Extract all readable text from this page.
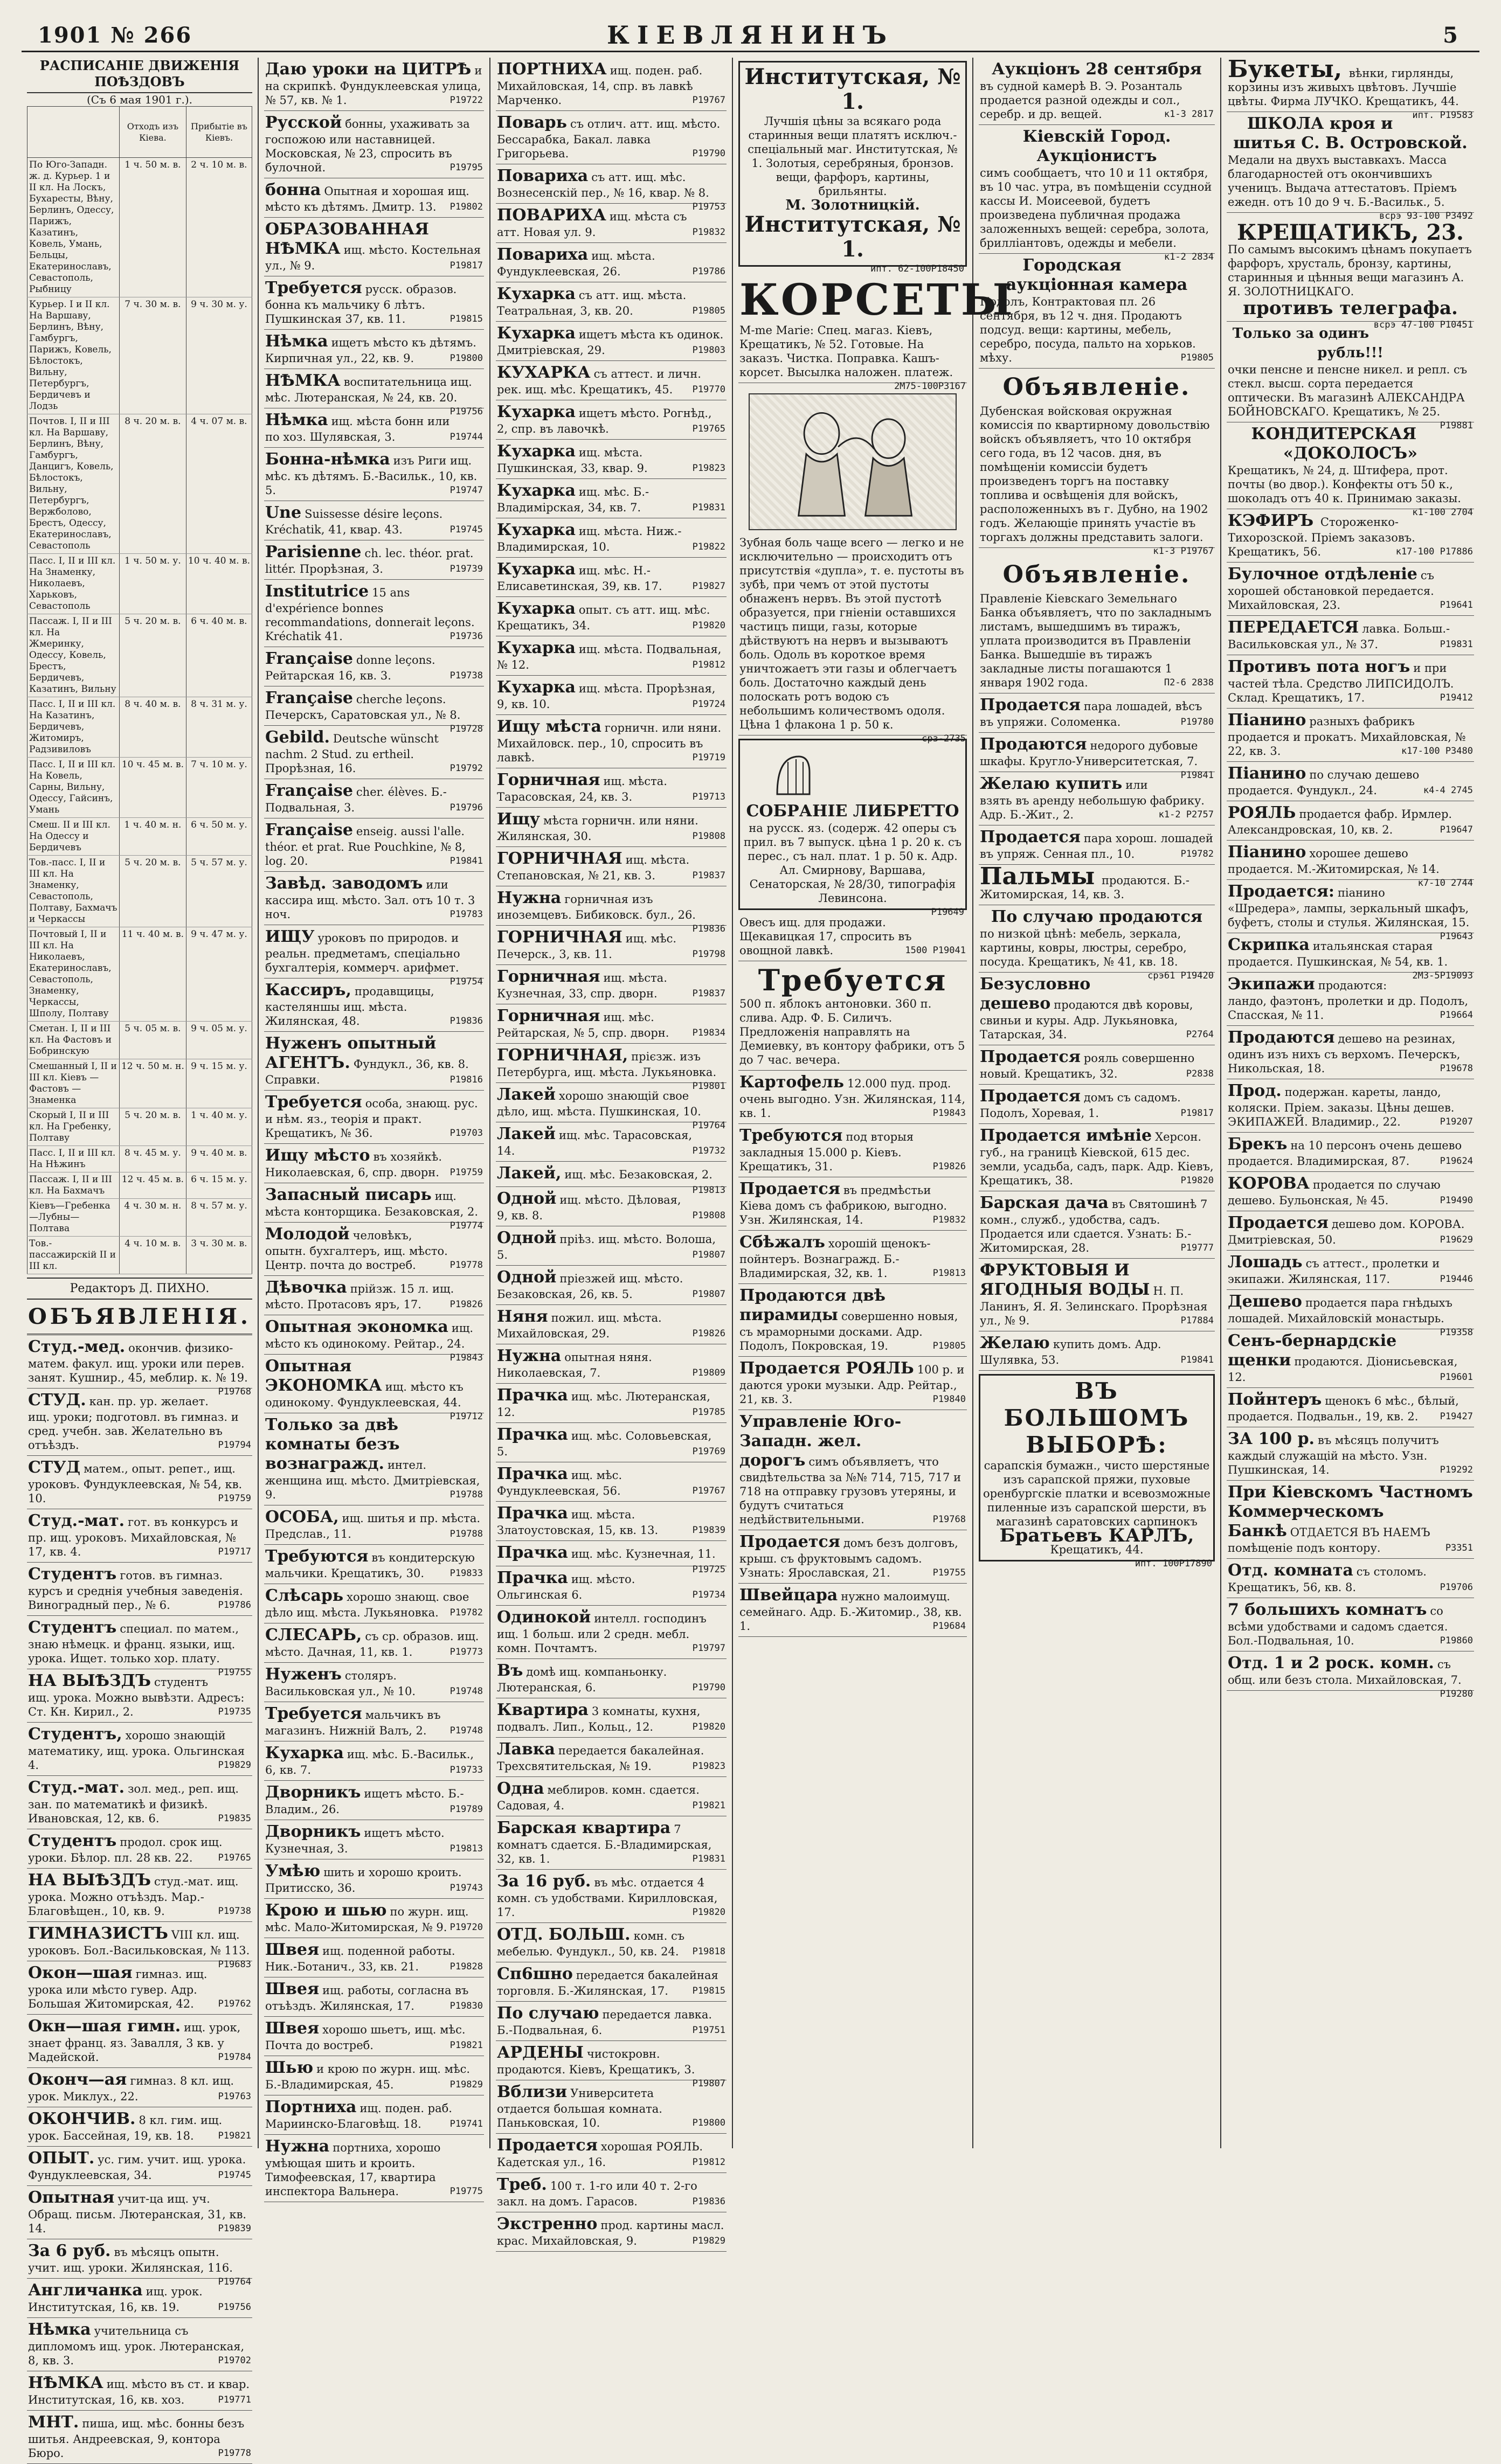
1901 № 266	КІЕВЛЯНИНЪ	5
РАСПИСАНІЕ ДВИЖЕНІЯ ПОѢЗДОВЪ
(Съ 6 мая 1901 г.).
	Отходъ изъ Кіева.	Прибытіе въ Кіевъ.
По Юго-Западн. ж. д. Курьер. 1 и II кл. На Лоскъ, Бухаресты, Вѣну, Берлинъ, Одессу, Парижъ, Казатинъ, Ковель, Умань, Бельцы, Екатеринославъ, Севастополь, Рыбницу	1 ч. 50 м. в.	2 ч. 10 м. в.
Курьер. I и II кл. На Варшаву, Берлинъ, Вѣну, Гамбургъ, Парижъ, Ковель, Бѣлостокъ, Вильну, Петербургъ, Бердичевъ и Лодзь	7 ч. 30 м. в.	9 ч. 30 м. у.
Почтов. I, II и III кл. На Варшаву, Берлинъ, Вѣну, Гамбургъ, Данцигъ, Ковель, Бѣлостокъ, Вильну, Петербургъ, Вержболово, Брестъ, Одессу, Екатеринославъ, Севастополь	8 ч. 20 м. в.	4 ч. 07 м. в.
Пасс. I, II и III кл. На Знаменку, Николаевъ, Харьковъ, Севастополь	1 ч. 50 м. у.	10 ч. 40 м. в.
Пассаж. I, II и III кл. На Жмеринку, Одессу, Ковель, Брестъ, Бердичевъ, Казатинъ, Вильну	5 ч. 20 м. в.	6 ч. 40 м. в.
Пасс. I, II и III кл. На Казатинъ, Бердичевъ, Житомиръ, Радзивиловъ	8 ч. 40 м. в.	8 ч. 31 м. у.
Пасс. I, II и III кл. На Ковель, Сарны, Вильну, Одессу, Гайсинъ, Умань	10 ч. 45 м. в.	7 ч. 10 м. у.
Смеш. II и III кл. На Одессу и Бердичевъ	1 ч. 40 м. н.	6 ч. 50 м. у.
Тов.-пасс. I, II и III кл. На Знаменку, Севастополь, Полтаву, Бахмачъ и Черкассы	5 ч. 20 м. в.	5 ч. 57 м. у.
Почтовый I, II и III кл. На Николаевъ, Екатеринославъ, Севастополь, Знаменку, Черкассы, Шполу, Полтаву	11 ч. 40 м. в.	9 ч. 47 м. у.
Сметан. I, II и III кл. На Фастовъ и Бобринскую	5 ч. 05 м. в.	9 ч. 05 м. у.
Смешанный I, II и III кл. Кіевъ — Фастовъ — Знаменка	12 ч. 50 м. н.	9 ч. 15 м. у.
Скорый I, II и III кл. На Гребенку, Полтаву	5 ч. 20 м. в.	1 ч. 40 м. у.
Пасс. I, II и III кл. На Нѣжинъ	8 ч. 45 м. у.	9 ч. 40 м. в.
Пассаж. I, II и III кл. На Бахмачъ	12 ч. 45 м. в.	6 ч. 15 м. у.
Кіевъ—Гребенка—Лубны—Полтава	4 ч. 30 м. н.	8 ч. 57 м. у.
Тов.-пассажирскій II и III кл.	4 ч. 10 м. в.	3 ч. 30 м. в.
Редакторъ Д. ПИХНО.
ОБЪЯВЛЕНІЯ.
Студ.-мед. окончив. физико-матем. факул. ищ. уроки или перев. занят. Кушнир., 45, меблир. к. № 19.
Р19768
СТУД. кан. пр. ур. желает. ищ. уроки; подготовл. въ гимназ. и сред. учебн. зав. Желательно въ отъѣздъ.	Р19794
СТУД матем., опыт. репет., ищ. уроковъ. Фундуклеевская, № 54, кв. 10.	Р19759
Студ.-мат. гот. въ конкурсъ и пр. ищ. уроковъ. Михайловская, № 17, кв. 4.	Р19717
Студентъ готов. въ гимназ. курсъ и среднія учебныя заведенія. Виноградный пер., № 6.	Р19786
Студентъ специал. по матем., знаю нѣмецк. и франц. языки, ищ. урока. Ищет. только хор. плату.
Р19755
НА ВЫѢЗДЪ студентъ ищ. урока. Можно вывѣзти. Адресъ: Ст. Кн. Кирил., 2.	Р19735
Студентъ, хорошо знающій математику, ищ. урока. Ольгинская 4.	Р19829
Студ.-мат. зол. мед., реп. ищ. зан. по математикѣ и физикѣ. Ивановская, 12, кв. 6.	Р19835
Студентъ продол. срок ищ. уроки. Бѣлор. пл. 28 кв. 22.	Р19765
НА ВЫѢЗДЪ студ.-мат. ищ. урока. Можно отъѣздъ. Мар.-Благовѣщен., 10, кв. 9.	Р19738
ГИМНАЗИСТЪ VIII кл. ищ. уроковъ. Бол.-Васильковская, № 113.
Р19683
Окон—шая гимназ. ищ. урока или мѣсто гувер. Адр. Большая Житомирская, 42.	Р19762
Окн—шая гимн. ищ. урок, знает франц. яз. Завалля, 3 кв. у Мадейской.	Р19784
Оконч—ая гимназ. 8 кл. ищ. урок. Миклух., 22.	Р19763
ОКОНЧИВ. 8 кл. гим. ищ. урок. Бассейная, 19, кв. 18.	Р19821
ОПЫТ. ус. гим. учит. ищ. урока. Фундуклеевская, 34.	Р19745
Опытная учит-ца ищ. уч. Обращ. письм. Лютеранская, 31, кв. 14.	Р19839
За 6 руб. въ мѣсяцъ опытн. учит. ищ. уроки. Жилянская, 116.
Р19764
Англичанка ищ. урок. Институтская, 16, кв. 19.	Р19756
Нѣмка учительница съ дипломомъ ищ. урок. Лютеранская, 8, кв. 3.	Р19702
НѢМКА ищ. мѣсто въ ст. и квар. Институтская, 16, кв. хоз.	Р19771
МНТ. пиша, ищ. мѣс. бонны безъ шитья. Андреевская, 9, контора Бюро.	Р19778
Даю уроки на ЦИТРѢ и на скрипкѣ. Фундуклеевская улица, № 57, кв. № 1.	Р19722
Русской бонны, ухаживать за госпожою или наставницей. Московская, № 23, спросить въ булочной.	Р19795
бонна Опытная и хорошая ищ. мѣсто къ дѣтямъ. Дмитр. 13. Р19802
ОБРАЗОВАННАЯ НѢМКА ищ. мѣсто. Костельная ул., № 9.	Р19817
Требуется русск. образов. бонна къ мальчику 6 лѣтъ. Пушкинская 37, кв. 11.	Р19815
Нѣмка ищетъ мѣсто къ дѣтямъ. Кирпичная ул., 22, кв. 9.	Р19800
НѢМКА воспитательница ищ. мѣс. Лютеранская, № 24, кв. 20.
Р19756
Нѣмка ищ. мѣста бонн или по хоз. Шулявская, 3.	Р19744
Бонна-нѣмка изъ Риги ищ. мѣс. къ дѣтямъ. Б.-Васильк., 10, кв. 5.	Р19747
Une Suissesse désire leçons. Kréchatik, 41, квар. 43.	Р19745
Parisienne ch. lec. théor. prat. littér. Прорѣзная, 3.	Р19739
Institutrice 15 ans d'expérience bonnes recommandations, donnerait leçons. Kréchatik 41.	Р19736
Française donne leçons. Рейтарская 16, кв. 3.	Р19738
Française cherche leçons. Печерскъ, Саратовская ул., № 8.
Р19728
Gebild. Deutsche wünscht nachm. 2 Stud. zu ertheil. Прорѣзная, 16.	Р19792
Française cher. élèves. Б.-Подвальная, 3.	Р19796
Française enseig. aussi l'alle. théor. et prat. Rue Pouchkine, № 8, log. 20.	Р19841
Завѣд. заводомъ или кассира ищ. мѣсто. Зал. отъ 10 т. 3 ноч.	Р19783
ИЩУ уроковъ по природов. и реальн. предметамъ, спеціально бухгалтерія, коммерч. арифмет.
Р19754
Кассиръ, продавщицы, кастеляншы ищ. мѣста. Жилянская, 48.	Р19836
Нуженъ опытный АГЕНТЪ. Фундукл., 36, кв. 8. Справки.	Р19816
Требуется особа, знающ. рус. и нѣм. яз., теорія и практ. Крещатикъ, № 36.	Р19703
Ищу мѣсто въ хозяйкѣ. Николаевская, 6, спр. дворн. Р19759
Запасный писарь ищ. мѣста конторщика. Безаковская, 2.
Р19774
Молодой человѣкъ, опытн. бухгалтеръ, ищ. мѣсто. Центр. почта до востреб.	Р19778
Дѣвочка прійзж. 15 л. ищ. мѣсто. Протасовъ яръ, 17.	Р19826
Опытная экономка ищ. мѣсто къ одинокому. Рейтар., 24.
Р19843
Опытная ЭКОНОМКА ищ. мѣсто къ одинокому. Фундуклеевская, 44.
Р19712
Только за двѣ комнаты безъ вознагражд. интел. женщина ищ. мѣсто. Дмитріевская, 9.	Р19788
ОСОБА, ищ. шитья и пр. мѣста. Предслав., 11.	Р19788
Требуются въ кондитерскую мальчики. Крещатикъ, 30.	Р19833
Слѣсарь хорошо знающ. свое дѣло ищ. мѣста. Лукьяновка. Р19782
СЛЕСАРЬ, съ ср. образов. ищ. мѣсто. Дачная, 11, кв. 1.	Р19773
Нуженъ столяръ. Васильковская ул., № 10.	Р19748
Требуется мальчикъ въ магазинъ. Нижній Валъ, 2.	Р19748
Кухарка ищ. мѣс. Б.-Васильк., 6, кв. 7.	Р19733
Дворникъ ищетъ мѣсто. Б.-Владим., 26.	Р19789
Дворникъ ищетъ мѣсто. Кузнечная, 3.	Р19813
Умѣю шить и хорошо кроить. Притисско, 36.	Р19743
Крою и шью по журн. ищ. мѣс. Мало-Житомирская, № 9. Р19720
Швея ищ. поденной работы. Ник.-Ботанич., 33, кв. 21.	Р19828
Швея ищ. работы, согласна въ отъѣздъ. Жилянская, 17.	Р19830
Швея хорошо шьетъ, ищ. мѣс. Почта до востреб.	Р19821
Шью и крою по журн. ищ. мѣс. Б.-Владимирская, 45.	Р19829
Портниха ищ. поден. раб. Мариинско-Благовѣщ. 18.	Р19741
Нужна портниха, хорошо умѣющая шить и кроить. Тимофеевская, 17, квартира инспектора Вальнера.	Р19775
ПОРТНИХА ищ. поден. раб. Михайловская, 14, спр. въ лавкѣ Марченко.	Р19767
Поварь съ отлич. атт. ищ. мѣсто. Бессарабка, Бакал. лавка Григорьева.	Р19790
Повариха съ атт. ищ. мѣс. Вознесенскій пер., № 16, квар. № 8.
Р19753
ПОВАРИХА ищ. мѣста съ атт. Новая ул. 9.	Р19832
Повариха ищ. мѣста. Фундуклеевская, 26.	Р19786
Кухарка съ атт. ищ. мѣста. Театральная, 3, кв. 20.	Р19805
Кухарка ищетъ мѣста къ одинок. Дмитріевская, 29.	Р19803
КУХАРКА съ аттест. и личн. рек. ищ. мѣс. Крещатикъ, 45. Р19770
Кухарка ищетъ мѣсто. Рогнѣд., 2, спр. въ лавочкѣ.	Р19765
Кухарка ищ. мѣста. Пушкинская, 33, квар. 9.	Р19823
Кухарка ищ. мѣс. Б.-Владимірская, 34, кв. 7.	Р19831
Кухарка ищ. мѣста. Ниж.-Владимирская, 10.	Р19822
Кухарка ищ. мѣс. Н.-Елисаветинская, 39, кв. 17.	Р19827
Кухарка опыт. съ атт. ищ. мѣс. Крещатикъ, 34.	Р19820
Кухарка ищ. мѣста. Подвальная, № 12.	Р19812
Кухарка ищ. мѣста. Прорѣзная, 9, кв. 10.	Р19724
Ищу мѣста горничн. или няни. Михайловск. пер., 10, спросить въ лавкѣ.	Р19719
Горничная ищ. мѣста. Тарасовская, 24, кв. 3.	Р19713
Ищу мѣста горничн. или няни. Жилянская, 30.	Р19808
ГОРНИЧНАЯ ищ. мѣста. Степановская, № 21, кв. 3.	Р19837
Нужна горничная изъ иноземцевъ. Бибиковск. бул., 26.
Р19836
ГОРНИЧНАЯ ищ. мѣс. Печерск., 3, кв. 11.	Р19798
Горничная ищ. мѣста. Кузнечная, 33, спр. дворн.	Р19837
Горничная ищ. мѣс. Рейтарская, № 5, спр. дворн.	Р19834
ГОРНИЧНАЯ, прієзж. изъ Петербурга, ищ. мѣста. Лукьяновка.
Р19801
Лакей хорошо знающій свое дѣло, ищ. мѣста. Пушкинская, 10.
Р19764
Лакей ищ. мѣс. Тарасовская, 14.	Р19732
Лакей, ищ. мѣс. Безаковская, 2.
Р19813
Одной ищ. мѣсто. Дѣловая, 9, кв. 8.	Р19808
Одной пріѣз. ищ. мѣсто. Волоша, 5.	Р19807
Одной пріезжей ищ. мѣсто. Безаковская, 26, кв. 5.	Р19807
Няня пожил. ищ. мѣста. Михайловская, 29.	Р19826
Нужна опытная няня. Николаевская, 7.	Р19809
Прачка ищ. мѣс. Лютеранская, 12.	Р19785
Прачка ищ. мѣс. Соловьевская, 5.	Р19769
Прачка ищ. мѣс. Фундуклеевская, 56.	Р19767
Прачка ищ. мѣста. Златоустовская, 15, кв. 13.	Р19839
Прачка ищ. мѣс. Кузнечная, 11.
Р19725
Прачка ищ. мѣсто. Ольгинская 6.	Р19734
Одинокой интелл. господинъ ищ. 1 больш. или 2 средн. мебл. комн. Почтамтъ.	Р19797
Въ домѣ ищ. компаньонку. Лютеранская, 6.	Р19790
Квартира 3 комнаты, кухня, подвалъ. Лип., Кольц., 12.	Р19820
Лавка передается бакалейная. Трехсвятительская, № 19.	Р19823
Одна меблиров. комн. сдается. Садовая, 4.	Р19821
Барская квартира 7 комнатъ сдается. Б.-Владимирская, 32, кв. 1.	Р19831
За 16 руб. въ мѣс. отдается 4 комн. съ удобствами. Кирилловская, 17.	Р19820
ОТД. БОЛЬШ. комн. съ мебелью. Фундукл., 50, кв. 24. Р19818
Сп6шно передается бакалейная торговля. Б.-Жилянская, 17.	Р19815
По случаю передается лавка. Б.-Подвальная, 6.	Р19751
АРДЕНЫ чистокровн. продаются. Кіевъ, Крещатикъ, 3.
Р19807
Вблизи Университета отдается большая комната. Паньковская, 10.	Р19800
Продается хорошая РОЯЛЬ. Кадетская ул., 16.	Р19812
Треб. 100 т. 1-го или 40 т. 2-го закл. на домъ. Гарасов.	Р19836
Экстренно прод. картины масл. крас. Михайловская, 9.	Р19829
Институтская, № 1.
Лучшія цѣны за всякаго рода старинныя вещи платятъ исключ.-спеціальный маг. Институтская, № 1. Золотыя, серебряныя, бронзов. вещи, фарфоръ, картины, брильянты.
М. Золотницкій.
Институтская, № 1.
ипт. 62-100Р18450
КОРСЕТЫ
M-me Marie: Спец. магаз. Кіевъ, Крещатикъ, № 52. Готовые. На заказъ. Чистка. Поправка. Кашъ-корсет. Высылка наложен. платеж.
2М75-100Р3167
Зубная боль чаще всего — легко и не исключительно — происходитъ отъ присутствія «дупла», т. е. пустоты въ зубѣ, при чемъ от этой пустоты обнаженъ нервъ. Въ этой пустотѣ образуется, при гніеніи оставшихся частицъ пищи, газы, которые дѣйствуютъ на нервъ и вызываютъ боль. Одоль въ короткое время уничтожаетъ эти газы и облегчаетъ боль. Достаточно каждый день полоскать ротъ водою съ небольшимъ количествомъ одоля. Цѣна 1 флакона 1 р. 50 к.
срз-2735
СОБРАНІЕ ЛИБРЕТТО
на русск. яз. (содерж. 42 оперы съ прил. въ 7 выпуск. цѣна 1 р. 20 к. съ перес., съ нал. плат. 1 р. 50 к. Адр. Ал. Смирнову, Варшава, Сенаторская, № 28/30, типографія Левинсона.
Р19649
Овесъ ищ. для продажи. Щекавицкая 17, спросить въ овощной лавкѣ.	1500 Р19041
Требуется
500 п. яблокъ антоновки. 360 п. слива. Адр. Ф. Б. Силичъ. Предложенія направлять на Демиевку, въ контору фабрики, отъ 5 до 7 час. вечера.
Картофель 12.000 пуд. прод. очень выгодно. Узн. Жилянская, 114, кв. 1.	Р19843
Требуются под вторыя закладныя 15.000 р. Кіевъ. Крещатикъ, 31.	Р19826
Продается въ предмѣстьи Кіева домъ съ фабрикою, выгодно. Узн. Жилянская, 14.	Р19832
Сбѣжалъ хорошій щенокъ-пойнтеръ. Вознагражд. Б.-Владимирская, 32, кв. 1.	Р19813
Продаются двѣ пирамиды совершенно новыя, съ мраморными досками. Адр. Подолъ, Покровская, 19.	Р19805
Продается РОЯЛЬ 100 р. и даются уроки музыки. Адр. Рейтар., 21, кв. 3.	Р19840
Управленіе Юго-Западн. жел. дорогъ симъ объявляетъ, что свидѣтельства за №№ 714, 715, 717 и 718 на отправку грузовъ утеряны, и будутъ считаться недѣйствительными.	Р19768
Продается домъ безъ долговъ, крыш. съ фруктовымъ садомъ. Узнать: Ярославская, 21.	Р19755
Швейцара нужно малоимущ. семейнаго. Адр. Б.-Житомир., 38, кв. 1.	Р19684
Аукціонъ 28 сентября
въ судной камерѣ В. Э. Розанталь продается разной одежды и сол., серебр. и др. вещей.	к1-3 2817
Кіевскій Город. Аукціонистъ
симъ сообщаетъ, что 10 и 11 октября, въ 10 час. утра, въ помѣщеніи ссудной кассы И. Моисеевой, будетъ произведена публичная продажа заложенныхъ вещей: серебра, золота, брилліантовъ, одежды и мебели.
к1-2 2834
Городская аукціонная камера
Подолъ, Контрактовая пл. 26 сентября, въ 12 ч. дня. Продаютъ подсуд. вещи: картины, мебель, серебро, посуда, пальто на хорьков. мѣху.	Р19805
Объявленіе.
Дубенская войсковая окружная комиссія по квартирному довольствію войскъ объявляетъ, что 10 октября сего года, въ 12 часов. дня, въ помѣщеніи комиссіи будетъ произведенъ торгъ на поставку топлива и освѣщенія для войскъ, расположенныхъ въ г. Дубно, на 1902 годъ. Желающіе принять участіе въ торгахъ должны представить залоги.
к1-3 Р19767
Объявленіе.
Правленіе Кіевскаго Земельнаго Банка объявляетъ, что по закладнымъ листамъ, вышедшимъ въ тиражъ, уплата производится въ Правленіи Банка. Вышедшіе въ тиражъ закладные листы погашаются 1 января 1902 года.	П2-6 2838
Продается пара лошадей, вѣсъ въ упряжи. Соломенка.	Р19780
Продаются недорого дубовые шкафы. Кругло-Университетская, 7.
Р19841
Желаю купить или взять въ аренду небольшую фабрику. Адр. Б.-Жит., 2.	к1-2 Р2757
Продается пара хорош. лошадей въ упряж. Сенная пл., 10.	Р19782
Пальмы продаются. Б.-Житомирская, 14, кв. 3.
По случаю продаются
по низкой цѣнѣ: мебель, зеркала, картины, ковры, люстры, серебро, посуда. Крещатикъ, № 41, кв. 18.
срэ61 Р19420
Безусловно дешево продаются двѣ коровы, свиньи и куры. Адр. Лукьяновка, Татарская, 34.	Р2764
Продается рояль совершенно новый. Крещатикъ, 32.	Р2838
Продается домъ съ садомъ. Подолъ, Хоревая, 1.	Р19817
Продается имѣніе Херсон. губ., на границѣ Кіевской, 615 дес. земли, усадьба, садъ, парк. Адр. Кіевъ, Крещатикъ, 38.	Р19820
Барская дача въ Святошинѣ 7 комн., служб., удобства, садъ. Продается или сдается. Узнать: Б.-Житомирская, 28.	Р19777
ФРУКТОВЫЯ И ЯГОДНЫЯ ВОДЫ Н. П. Ланинъ, Я. Я. Зелинскаго. Прорѣзная ул., № 9.	Р17884
Желаю купить домъ. Адр. Шулявка, 53.	Р19841
ВЪ БОЛЬШОМЪ ВЫБОРѢ:
сарапскія бумажн., чисто шерстяные изъ сарапской пряжи, пуховые оренбургскіе платки и всевозможные пиленные изъ сарапской шерсти, въ магазинѣ саратовских сарпинокъ
Братьевъ КАРЛЪ,
Крещатикъ, 44.
ипт. 100Р17890
Букеты, вѣнки, гирлянды, корзины изъ живыхъ цвѣтовъ. Лучшіе цвѣты. Фирма ЛУЧКО. Крещатикъ, 44.
ипт. Р19583
ШКОЛА кроя и шитья С. В. Островской.
Медали на двухъ выставкахъ. Масса благодарностей отъ окончившихъ ученицъ. Выдача аттестатовъ. Пріемъ ежедн. отъ 10 до 9 ч. Б.-Васильк., 5.
всрэ 93-100 Р3492
КРЕЩАТИКЪ, 23.
По самымъ высокимъ цѣнамъ покупаетъ фарфоръ, хрусталь, бронзу, картины, старинныя и цѣнныя вещи магазинъ А. Я. ЗОЛОТНИЦКАГО.
противъ телеграфа.
всрэ 47-100 Р10451
Только за одинъ рубль!!!
очки пенсне и пенсне никел. и репл. съ стекл. высш. сорта передается оптически. Въ магазинѣ АЛЕКСАНДРА БОЙНОВСКАГО. Крещатикъ, № 25.
Р19881
КОНДИТЕРСКАЯ «ДОКОЛОСЪ»
Крещатикъ, № 24, д. Штифера, прот. почты (во двор.). Конфекты отъ 50 к., шоколадъ отъ 40 к. Принимаю заказы.
к1-100 2704
КЭФИРЪ Стороженко-Тихорозской. Пріемъ заказовъ. Крещатикъ, 56.	к17-100 Р17886
Булочное отдѣленіе съ хорошей обстановкой передается. Михайловская, 23.	Р19641
ПЕРЕДАЕТСЯ лавка. Больш.-Васильковская ул., № 37.	Р19831
Противъ пота ногъ и при частей тѣла. Средство ЛИПСИДОЛЪ. Склад. Крещатикъ, 17.	Р19412
Піанино разныхъ фабрикъ продается и прокатъ. Михайловская, № 22, кв. 3.	к17-100 Р3480
Піанино по случаю дешево продается. Фундукл., 24.	к4-4 2745
РОЯЛЬ продается фабр. Ирмлер. Александровская, 10, кв. 2.	Р19647
Піанино хорошее дешево продается. М.-Житомирская, № 14.
к7-10 2744
Продается: піанино «Шредера», лампы, зеркальный шкафъ, буфетъ, столы и стулья. Жилянская, 15.
Р19643
Скрипка итальянская старая продается. Пушкинская, № 54, кв. 1.
2М3-5Р19093
Экипажи продаются: ландо, фаэтонъ, пролетки и др. Подолъ, Спасская, № 11.	Р19664
Продаются дешево на резинах, одинъ изъ нихъ съ верхомъ. Печерскъ, Никольская, 18.	Р19678
Прод. подержан. кареты, ландо, коляски. Пріем. заказы. Цѣны дешев. ЭКИПАЖЕЙ. Владимир., 22.	Р19207
Брекъ на 10 персонъ очень дешево продается. Владимирская, 87.	Р19624
КОРОВА продается по случаю дешево. Бульонская, № 45.	Р19490
Продается дешево дом. КОРОВА. Дмитріевская, 50.	Р19629
Лошадь съ аттест., пролетки и экипажи. Жилянская, 117.	Р19446
Дешево продается пара гнѣдыхъ лошадей. Михайловскій монастырь.
Р19358
Сенъ-бернардскіе щенки продаются. Діонисьевская, 12.	Р19601
Пойнтеръ щенокъ 6 мѣс., бѣлый, продается. Подвальн., 19, кв. 2. Р19427
ЗА 100 р. въ мѣсяцъ получитъ каждый служащій на мѣсто. Узн. Пушкинская, 14.	Р19292
При Кіевскомъ Частномъ Коммерческомъ Банкѣ ОТДАЕТСЯ ВЪ НАЕМЪ помѣщеніе подъ контору.	Р3351
Отд. комната съ столомъ. Крещатикъ, 56, кв. 8.	Р19706
7 большихъ комнатъ со всѣми удобствами и садомъ сдается. Бол.-Подвальная, 10.	Р19860
Отд. 1 и 2 роск. комн. съ общ. или безъ стола. Михайловская, 7.
Р19280
